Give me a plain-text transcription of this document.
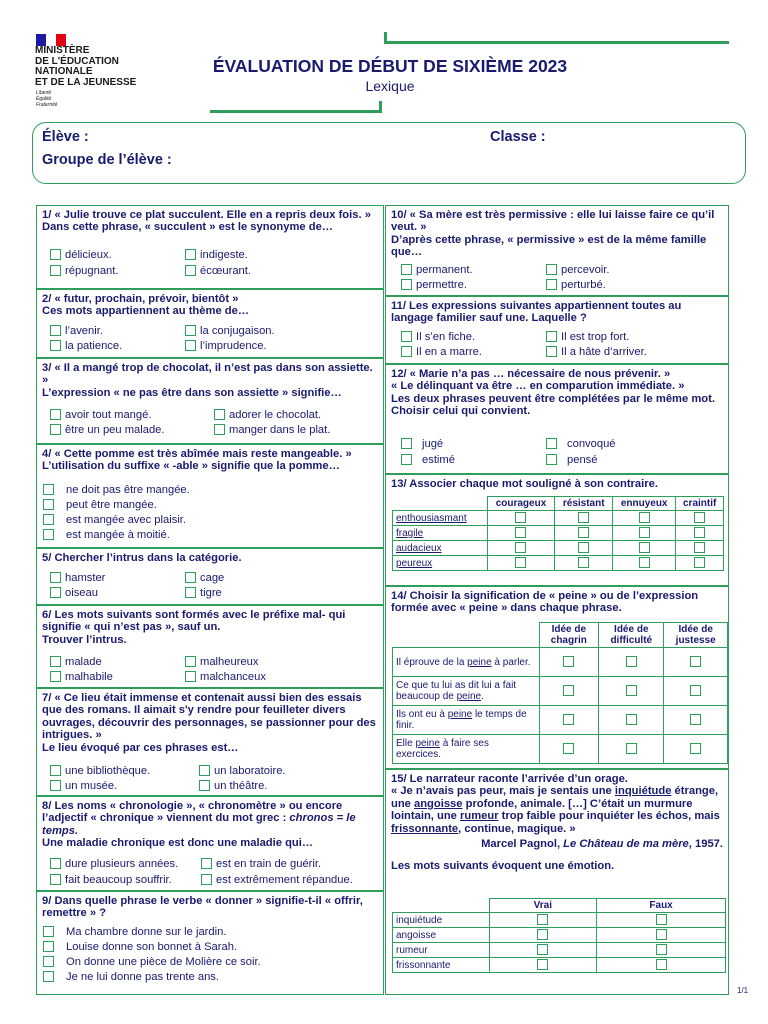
MINISTÈRE
DE L'ÉDUCATION
NATIONALE
ET DE LA JEUNESSE
Liberté
Égalité
Fraternité
ÉVALUATION DE DÉBUT DE SIXIÈME 2023
Lexique
Élève :	Classe :
Groupe de l’élève :
1/ « Julie trouve ce plat succulent. Elle en a repris deux fois. »
Dans cette phrase, « succulent » est le synonyme de…
délicieux.	indigeste.
répugnant.	écœurant.
2/ « futur, prochain, prévoir, bientôt »
Ces mots appartiennent au thème de…
l’avenir.	la conjugaison.
la patience.	l’imprudence.
3/ « Il a mangé trop de chocolat, il n’est pas dans son assiette. »
L’expression « ne pas être dans son assiette » signifie…
avoir tout mangé.	adorer le chocolat.
être un peu malade.	manger dans le plat.
4/ « Cette pomme est très abîmée mais reste mangeable. »
L’utilisation du suffixe « -able » signifie que la pomme…
ne doit pas être mangée.
peut être mangée.
est mangée avec plaisir.
est mangée à moitié.
5/ Chercher l’intrus dans la catégorie.
hamster	cage
oiseau	tigre
6/ Les mots suivants sont formés avec le préfixe mal- qui signifie « qui n’est pas », sauf un.
Trouver l’intrus.
malade	malheureux
malhabile	malchanceux
7/ « Ce lieu était immense et contenait aussi bien des essais que des romans. Il aimait s'y rendre pour feuilleter divers ouvrages, découvrir des personnages, se passionner pour des intrigues. »
Le lieu évoqué par ces phrases est…
une bibliothèque.	un laboratoire.
un musée.	un théâtre.
8/ Les noms « chronologie », « chronomètre » ou encore l’adjectif « chronique » viennent du mot grec : chronos = le temps.
Une maladie chronique est donc une maladie qui…
dure plusieurs années.	est en train de guérir.
fait beaucoup souffrir.	est extrêmement répandue.
9/ Dans quelle phrase le verbe « donner » signifie-t-il « offrir, remettre » ?
Ma chambre donne sur le jardin.
Louise donne son bonnet à Sarah.
On donne une pièce de Molière ce soir.
Je ne lui donne pas trente ans.
10/ « Sa mère est très permissive : elle lui laisse faire ce qu’il veut. »
D’après cette phrase, « permissive » est de la même famille que…
permanent.	percevoir.
permettre.	perturbé.
11/ Les expressions suivantes appartiennent toutes au langage familier sauf une. Laquelle ?
Il s’en fiche.	Il est trop fort.
Il en a marre.	Il a hâte d’arriver.
12/ « Marie n’a pas … nécessaire de nous prévenir. »
« Le délinquant va être … en comparution immédiate. »
Les deux phrases peuvent être complétées par le même mot.
Choisir celui qui convient.
jugé	convoqué
estimé	pensé
13/ Associer chaque mot souligné à son contraire.
	courageux	résistant	ennuyeux	craintif
enthousiasmant				
fragile				
audacieux				
peureux				
14/ Choisir la signification de « peine » ou de l’expression formée avec « peine » dans chaque phrase.
	Idée de chagrin	Idée de difficulté	Idée de justesse
Il éprouve de la peine à parler.			
Ce que tu lui as dit lui a fait beaucoup de peine.			
Ils ont eu à peine le temps de finir.			
Elle peine à faire ses exercices.			
15/ Le narrateur raconte l’arrivée d’un orage.
« Je n’avais pas peur, mais je sentais une inquiétude étrange, une angoisse profonde, animale. […] C’était un murmure lointain, une rumeur trop faible pour inquiéter les échos, mais frissonnante, continue, magique. »
Marcel Pagnol, Le Château de ma mère, 1957.
Les mots suivants évoquent une émotion.
	Vrai	Faux
inquiétude		
angoisse		
rumeur		
frissonnante		
1/1
